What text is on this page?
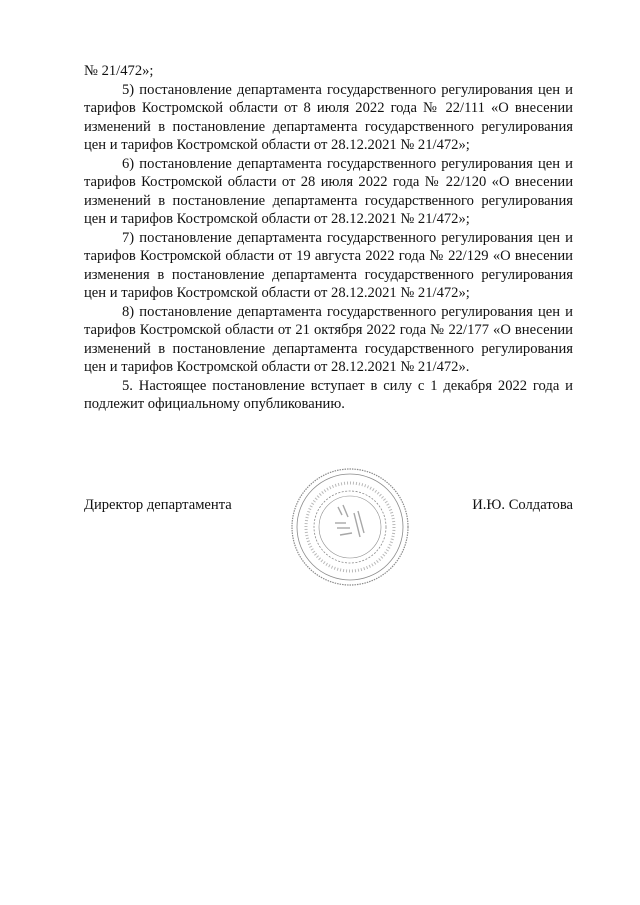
№ 21/472»;

5) постановление департамента государственного регулирования цен и тарифов Костромской области от 8 июля 2022 года № 22/111 «О внесении изменений в постановление департамента государственного регулирования цен и тарифов Костромской области от 28.12.2021 № 21/472»;

6) постановление департамента государственного регулирования цен и тарифов Костромской области от 28 июля 2022 года № 22/120 «О внесении изменений в постановление департамента государственного регулирования цен и тарифов Костромской области от 28.12.2021 № 21/472»;

7) постановление департамента государственного регулирования цен и тарифов Костромской области от 19 августа 2022 года № 22/129 «О внесении изменения в постановление департамента государственного регулирования цен и тарифов Костромской области от 28.12.2021 № 21/472»;

8) постановление департамента государственного регулирования цен и тарифов Костромской области от 21 октября 2022 года № 22/177 «О внесении изменений в постановление департамента государственного регулирования цен и тарифов Костромской области от 28.12.2021 № 21/472».

5. Настоящее постановление вступает в силу с 1 декабря 2022 года и подлежит официальному опубликованию.

Директор департамента	И.Ю. Солдатова
